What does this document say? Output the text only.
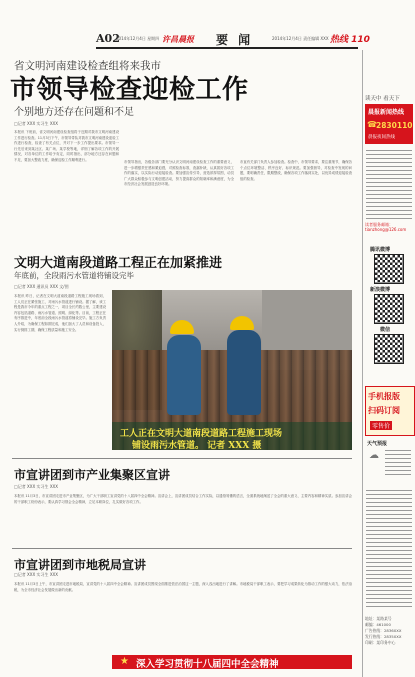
A02
2014年12月4日 星期四 许昌晨报 要 闻	2014年12月4日 责任编辑 XXX 热线 110
省文明河南建设检查组将来我市
市领导检查迎检工作
个别地方还存在问题和不足
□记者 XXX 实习生 XXX
本报讯 下班前，省文明河南建设检查组将于近期对我市文明河南建设工作进行检查。11月3日下午，市领导带队对我市文明河南建设迎检工作进行检查，检查了有关点位，并对下一步工作提出要求。市领导一行先后来到某社区、某广场、某学校等地，详细了解各项工作的开展情况，对各单位的工作给予肯定，同时指出，部分地方还存在问题和不足，要加大整改力度，确保迎检工作顺利进行。
市领导指出，各级各部门要充分认识文明河南建设检查工作的重要意义，进一步增强责任感和紧迫感，对照检查标准，查漏补缺，认真抓好各项工作的落实，以实际行动迎接检查。要加强宣传引导，营造浓厚氛围，动员广大群众积极参与文明创建活动，努力提高群众的知晓率和满意度，为全市经济社会发展创造良好环境。
市直有关部门负责人参加检查。检查中，市领导要求，要注重细节，确保各个点位环境整洁、秩序良好、标识规范。要加强督导，对检查中发现的问题，要明确责任，限期整改，确保各项工作落到实处，以优异成绩迎接检查组的检查。
文明大道南段道路工程正在加紧推进
年底前，全段雨污水管道将铺设完毕
□记者 XXX 通讯员 XXX 文/图
本报讯 昨日，记者在文明大道南段道路工程施工现场看到，工人们正在紧张施工，对雨污水管道进行铺设。据了解，该工程是我市今年的重点工程之一，项目全长约数公里，主要建设内容包括道路、雨污水管道、照明、绿化等。目前，工程正在有序推进中，年底前全段雨污水管道将铺设完毕。施工方负责人介绍，为确保工程如期完成，他们加大了人员和设备投入，实行倒排工期，确保工程质量和施工安全。
工人正在文明大道南段道路工程施工现场
铺设雨污水管道。 记者 XXX 摄
市宣讲团到市产业集聚区宣讲
□记者 XXX 实习生 XXX
本报讯 11月3日，市宣讲团走进市产业集聚区，为广大干部职工宣讲党的十八届四中全会精神。宣讲会上，宣讲团成员结合工作实际，以通俗易懂的语言，全面系统地阐述了全会的重大意义、主要内容和精神实质。参加宣讲会的干部职工纷纷表示，要认真学习领会全会精神，立足本职岗位，扎实做好各项工作。
市宣讲团到市地税局宣讲
□记者 XXX 实习生 XXX
本报讯 11月3日上午，市宣讲团走进市地税局，宣讲党的十八届四中全会精神。宣讲团成员围绕全面推进依法治国这一主题，深入浅出地进行了讲解。市地税局干部职工表示，要把学习成果转化为推动工作的强大动力，依法治税，为全市经济社会发展做出新的贡献。
★ 深入学习贯彻十八届四中全会精神
读天中 看天下
晨报新闻热线
☎ 2830110
晨报夜间热线
读者服务邮箱：tianzhong@126.com
腾讯微博
新浪微博
微信
手机报版
扫码订阅
零售价
天气预报
☁
地址：某路某号
邮编：461000
广告热线：2836XXX
发行热线：2835XXX
印刷：某印务中心
